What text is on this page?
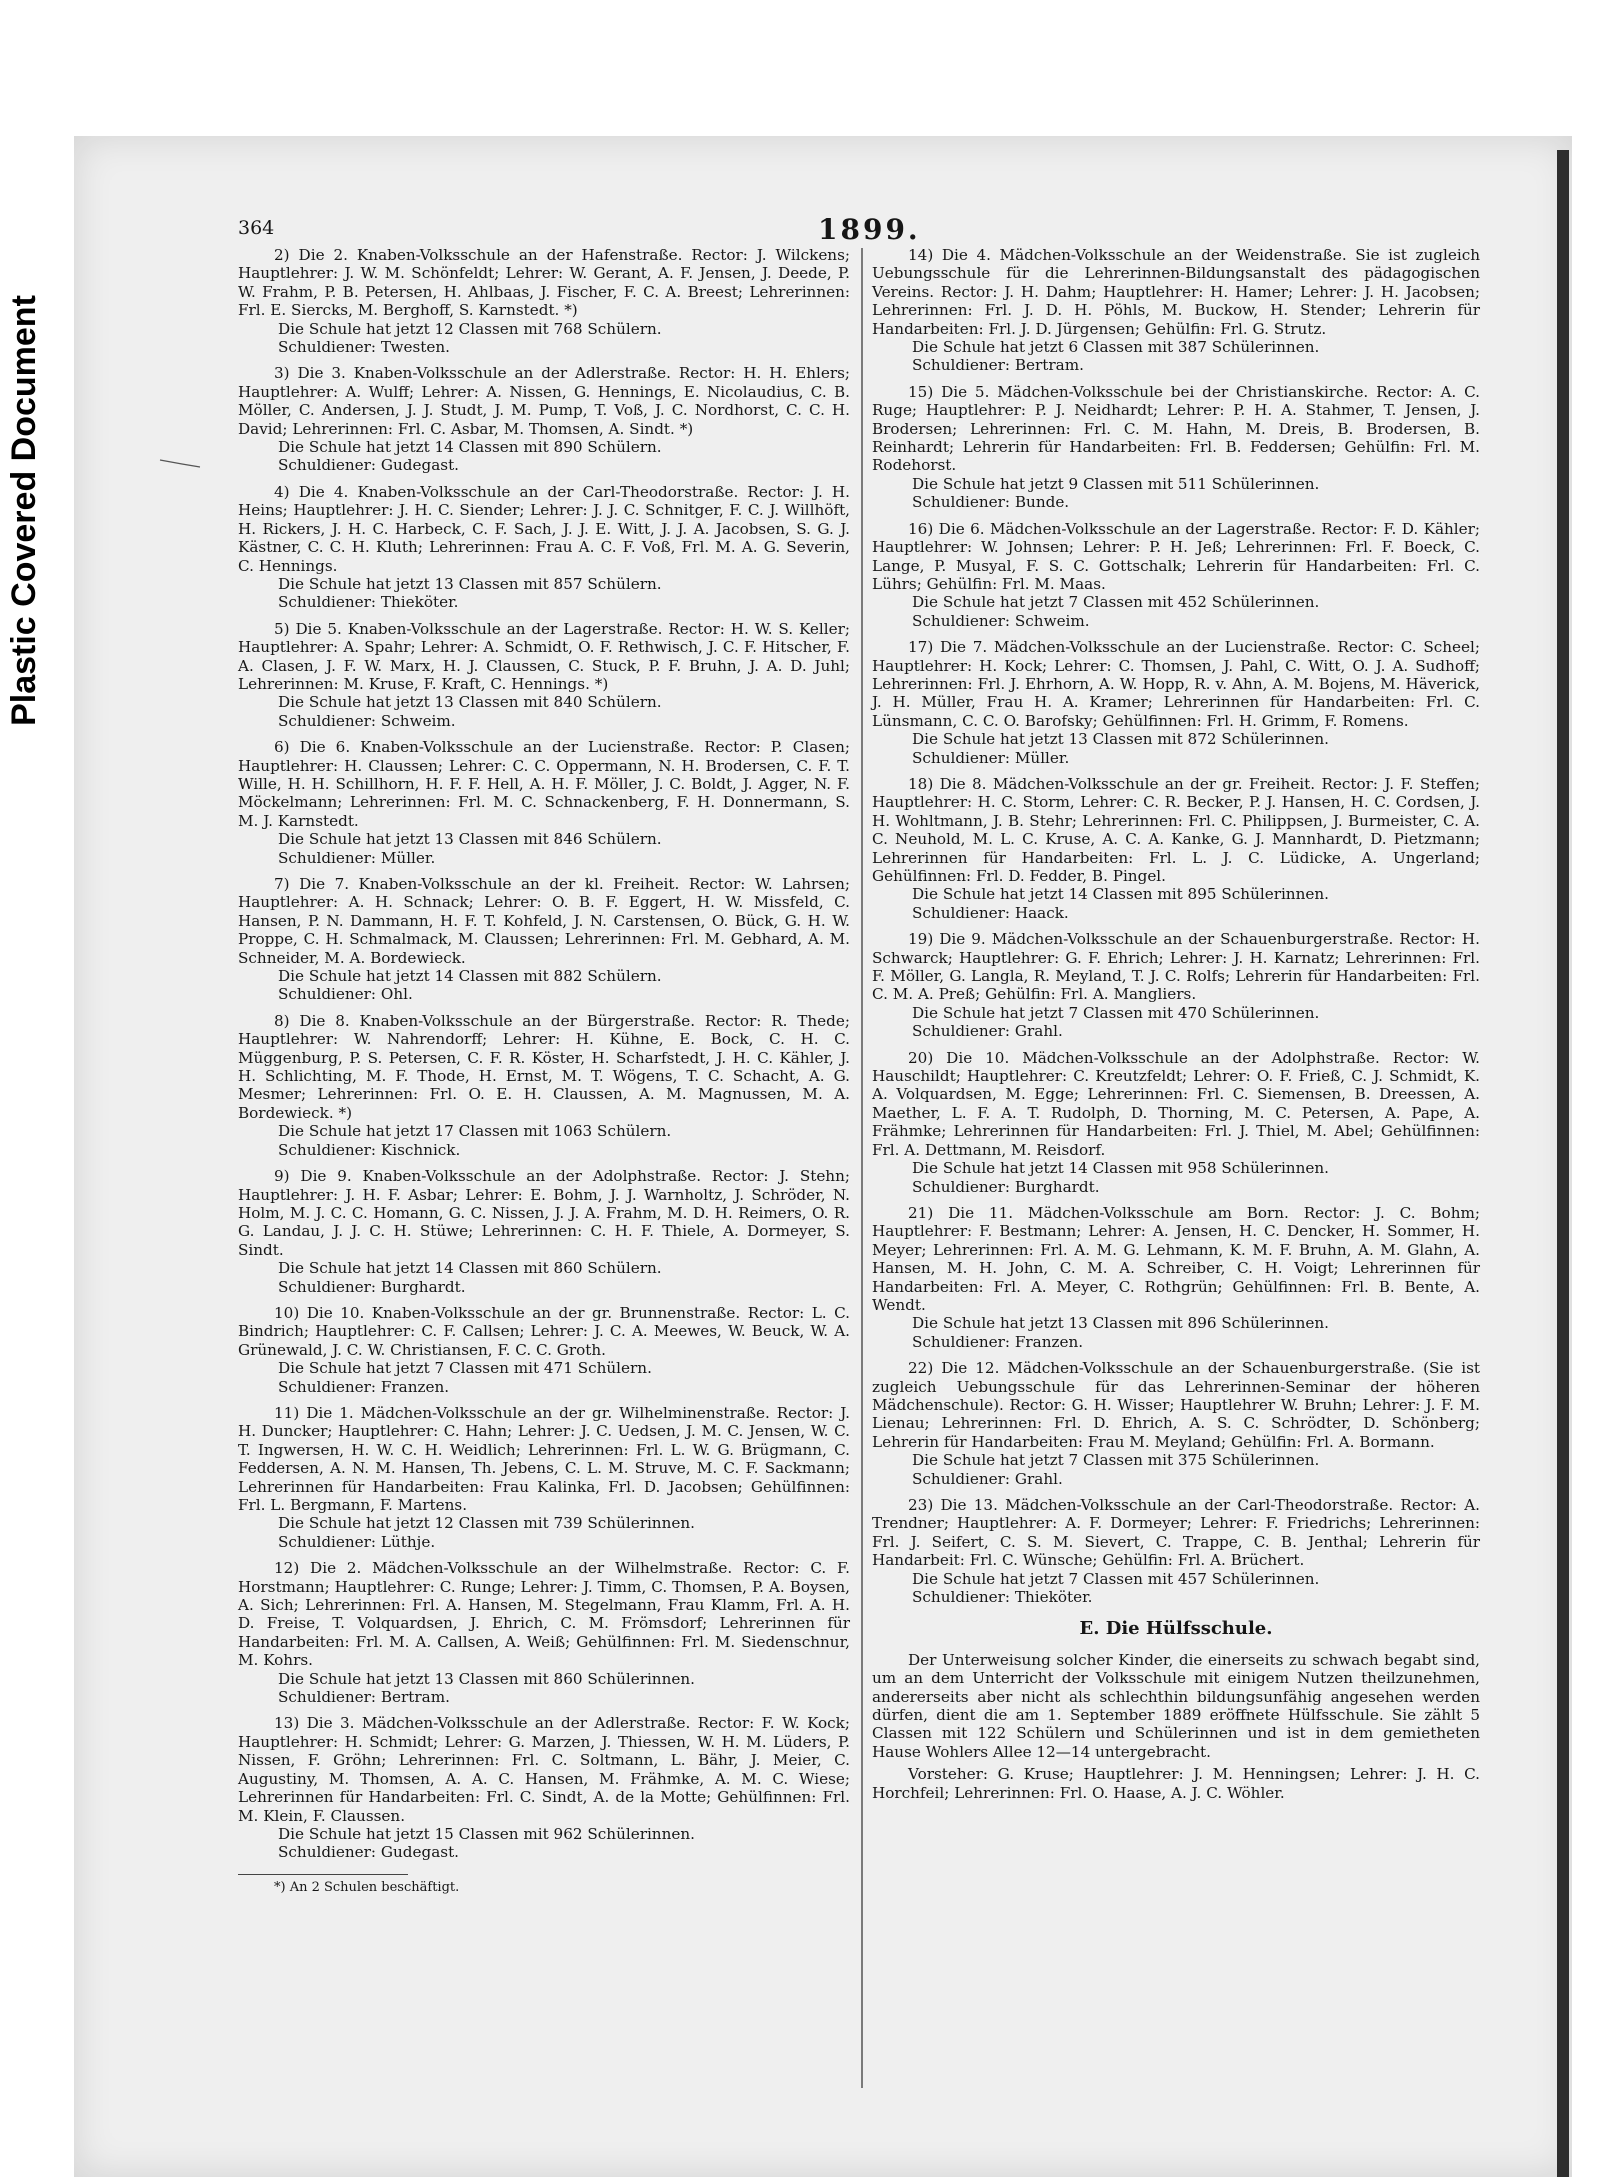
Plastic Covered Document
364	1899.

2) Die 2. Knaben-Volksschule an der Hafenstraße. Rector: J. Wilckens; Hauptlehrer: J. W. M. Schönfeldt; Lehrer: W. Gerant, A. F. Jensen, J. Deede, P. W. Frahm, P. B. Petersen, H. Ahlbaas, J. Fischer, F. C. A. Breest; Lehrerinnen: Frl. E. Siercks, M. Berghoff, S. Karnstedt. *)

Die Schule hat jetzt 12 Classen mit 768 Schülern.

Schuldiener: Twesten.

3) Die 3. Knaben-Volksschule an der Adlerstraße. Rector: H. H. Ehlers; Hauptlehrer: A. Wulff; Lehrer: A. Nissen, G. Hennings, E. Nicolaudius, C. B. Möller, C. Andersen, J. J. Studt, J. M. Pump, T. Voß, J. C. Nordhorst, C. C. H. David; Lehrerinnen: Frl. C. Asbar, M. Thomsen, A. Sindt. *)

Die Schule hat jetzt 14 Classen mit 890 Schülern.

Schuldiener: Gudegast.

4) Die 4. Knaben-Volksschule an der Carl-Theodorstraße. Rector: J. H. Heins; Hauptlehrer: J. H. C. Siender; Lehrer: J. J. C. Schnitger, F. C. J. Willhöft, H. Rickers, J. H. C. Harbeck, C. F. Sach, J. J. E. Witt, J. J. A. Jacobsen, S. G. J. Kästner, C. C. H. Kluth; Lehrerinnen: Frau A. C. F. Voß, Frl. M. A. G. Severin, C. Hennings.

Die Schule hat jetzt 13 Classen mit 857 Schülern.

Schuldiener: Thieköter.

5) Die 5. Knaben-Volksschule an der Lagerstraße. Rector: H. W. S. Keller; Hauptlehrer: A. Spahr; Lehrer: A. Schmidt, O. F. Rethwisch, J. C. F. Hitscher, F. A. Clasen, J. F. W. Marx, H. J. Claussen, C. Stuck, P. F. Bruhn, J. A. D. Juhl; Lehrerinnen: M. Kruse, F. Kraft, C. Hennings. *)

Die Schule hat jetzt 13 Classen mit 840 Schülern.

Schuldiener: Schweim.

6) Die 6. Knaben-Volksschule an der Lucienstraße. Rector: P. Clasen; Hauptlehrer: H. Claussen; Lehrer: C. C. Oppermann, N. H. Brodersen, C. F. T. Wille, H. H. Schillhorn, H. F. F. Hell, A. H. F. Möller, J. C. Boldt, J. Agger, N. F. Möckelmann; Lehrerinnen: Frl. M. C. Schnackenberg, F. H. Donnermann, S. M. J. Karnstedt.

Die Schule hat jetzt 13 Classen mit 846 Schülern.

Schuldiener: Müller.

7) Die 7. Knaben-Volksschule an der kl. Freiheit. Rector: W. Lahrsen; Hauptlehrer: A. H. Schnack; Lehrer: O. B. F. Eggert, H. W. Missfeld, C. Hansen, P. N. Dammann, H. F. T. Kohfeld, J. N. Carstensen, O. Bück, G. H. W. Proppe, C. H. Schmalmack, M. Claussen; Lehrerinnen: Frl. M. Gebhard, A. M. Schneider, M. A. Bordewieck.

Die Schule hat jetzt 14 Classen mit 882 Schülern.

Schuldiener: Ohl.

8) Die 8. Knaben-Volksschule an der Bürgerstraße. Rector: R. Thede; Hauptlehrer: W. Nahrendorff; Lehrer: H. Kühne, E. Bock, C. H. C. Müggenburg, P. S. Petersen, C. F. R. Köster, H. Scharfstedt, J. H. C. Kähler, J. H. Schlichting, M. F. Thode, H. Ernst, M. T. Wögens, T. C. Schacht, A. G. Mesmer; Lehrerinnen: Frl. O. E. H. Claussen, A. M. Magnussen, M. A. Bordewieck. *)

Die Schule hat jetzt 17 Classen mit 1063 Schülern.

Schuldiener: Kischnick.

9) Die 9. Knaben-Volksschule an der Adolphstraße. Rector: J. Stehn; Hauptlehrer: J. H. F. Asbar; Lehrer: E. Bohm, J. J. Warnholtz, J. Schröder, N. Holm, M. J. C. C. Homann, G. C. Nissen, J. J. A. Frahm, M. D. H. Reimers, O. R. G. Landau, J. J. C. H. Stüwe; Lehrerinnen: C. H. F. Thiele, A. Dormeyer, S. Sindt.

Die Schule hat jetzt 14 Classen mit 860 Schülern.

Schuldiener: Burghardt.

10) Die 10. Knaben-Volksschule an der gr. Brunnenstraße. Rector: L. C. Bindrich; Hauptlehrer: C. F. Callsen; Lehrer: J. C. A. Meewes, W. Beuck, W. A. Grünewald, J. C. W. Christiansen, F. C. C. Groth.

Die Schule hat jetzt 7 Classen mit 471 Schülern.

Schuldiener: Franzen.

11) Die 1. Mädchen-Volksschule an der gr. Wilhelminenstraße. Rector: J. H. Duncker; Hauptlehrer: C. Hahn; Lehrer: J. C. Uedsen, J. M. C. Jensen, W. C. T. Ingwersen, H. W. C. H. Weidlich; Lehrerinnen: Frl. L. W. G. Brügmann, C. Feddersen, A. N. M. Hansen, Th. Jebens, C. L. M. Struve, M. C. F. Sackmann; Lehrerinnen für Handarbeiten: Frau Kalinka, Frl. D. Jacobsen; Gehülfinnen: Frl. L. Bergmann, F. Martens.

Die Schule hat jetzt 12 Classen mit 739 Schülerinnen.

Schuldiener: Lüthje.

12) Die 2. Mädchen-Volksschule an der Wilhelmstraße. Rector: C. F. Horstmann; Hauptlehrer: C. Runge; Lehrer: J. Timm, C. Thomsen, P. A. Boysen, A. Sich; Lehrerinnen: Frl. A. Hansen, M. Stegelmann, Frau Klamm, Frl. A. H. D. Freise, T. Volquardsen, J. Ehrich, C. M. Frömsdorf; Lehrerinnen für Handarbeiten: Frl. M. A. Callsen, A. Weiß; Gehülfinnen: Frl. M. Siedenschnur, M. Kohrs.

Die Schule hat jetzt 13 Classen mit 860 Schülerinnen.

Schuldiener: Bertram.

13) Die 3. Mädchen-Volksschule an der Adlerstraße. Rector: F. W. Kock; Hauptlehrer: H. Schmidt; Lehrer: G. Marzen, J. Thiessen, W. H. M. Lüders, P. Nissen, F. Gröhn; Lehrerinnen: Frl. C. Soltmann, L. Bähr, J. Meier, C. Augustiny, M. Thomsen, A. A. C. Hansen, M. Frähmke, A. M. C. Wiese; Lehrerinnen für Handarbeiten: Frl. C. Sindt, A. de la Motte; Gehülfinnen: Frl. M. Klein, F. Claussen.

Die Schule hat jetzt 15 Classen mit 962 Schülerinnen.

Schuldiener: Gudegast.

*) An 2 Schulen beschäftigt.

14) Die 4. Mädchen-Volksschule an der Weidenstraße. Sie ist zugleich Uebungsschule für die Lehrerinnen-Bildungsanstalt des pädagogischen Vereins. Rector: J. H. Dahm; Hauptlehrer: H. Hamer; Lehrer: J. H. Jacobsen; Lehrerinnen: Frl. J. D. H. Pöhls, M. Buckow, H. Stender; Lehrerin für Handarbeiten: Frl. J. D. Jürgensen; Gehülfin: Frl. G. Strutz.

Die Schule hat jetzt 6 Classen mit 387 Schülerinnen.

Schuldiener: Bertram.

15) Die 5. Mädchen-Volksschule bei der Christianskirche. Rector: A. C. Ruge; Hauptlehrer: P. J. Neidhardt; Lehrer: P. H. A. Stahmer, T. Jensen, J. Brodersen; Lehrerinnen: Frl. C. M. Hahn, M. Dreis, B. Brodersen, B. Reinhardt; Lehrerin für Handarbeiten: Frl. B. Feddersen; Gehülfin: Frl. M. Rodehorst.

Die Schule hat jetzt 9 Classen mit 511 Schülerinnen.

Schuldiener: Bunde.

16) Die 6. Mädchen-Volksschule an der Lagerstraße. Rector: F. D. Kähler; Hauptlehrer: W. Johnsen; Lehrer: P. H. Jeß; Lehrerinnen: Frl. F. Boeck, C. Lange, P. Musyal, F. S. C. Gottschalk; Lehrerin für Handarbeiten: Frl. C. Lührs; Gehülfin: Frl. M. Maas.

Die Schule hat jetzt 7 Classen mit 452 Schülerinnen.

Schuldiener: Schweim.

17) Die 7. Mädchen-Volksschule an der Lucienstraße. Rector: C. Scheel; Hauptlehrer: H. Kock; Lehrer: C. Thomsen, J. Pahl, C. Witt, O. J. A. Sudhoff; Lehrerinnen: Frl. J. Ehrhorn, A. W. Hopp, R. v. Ahn, A. M. Bojens, M. Häverick, J. H. Müller, Frau H. A. Kramer; Lehrerinnen für Handarbeiten: Frl. C. Lünsmann, C. C. O. Barofsky; Gehülfinnen: Frl. H. Grimm, F. Romens.

Die Schule hat jetzt 13 Classen mit 872 Schülerinnen.

Schuldiener: Müller.

18) Die 8. Mädchen-Volksschule an der gr. Freiheit. Rector: J. F. Steffen; Hauptlehrer: H. C. Storm, Lehrer: C. R. Becker, P. J. Hansen, H. C. Cordsen, J. H. Wohltmann, J. B. Stehr; Lehrerinnen: Frl. C. Philippsen, J. Burmeister, C. A. C. Neuhold, M. L. C. Kruse, A. C. A. Kanke, G. J. Mannhardt, D. Pietzmann; Lehrerinnen für Handarbeiten: Frl. L. J. C. Lüdicke, A. Ungerland; Gehülfinnen: Frl. D. Fedder, B. Pingel.

Die Schule hat jetzt 14 Classen mit 895 Schülerinnen.

Schuldiener: Haack.

19) Die 9. Mädchen-Volksschule an der Schauenburgerstraße. Rector: H. Schwarck; Hauptlehrer: G. F. Ehrich; Lehrer: J. H. Karnatz; Lehrerinnen: Frl. F. Möller, G. Langla, R. Meyland, T. J. C. Rolfs; Lehrerin für Handarbeiten: Frl. C. M. A. Preß; Gehülfin: Frl. A. Mangliers.

Die Schule hat jetzt 7 Classen mit 470 Schülerinnen.

Schuldiener: Grahl.

20) Die 10. Mädchen-Volksschule an der Adolphstraße. Rector: W. Hauschildt; Hauptlehrer: C. Kreutzfeldt; Lehrer: O. F. Frieß, C. J. Schmidt, K. A. Volquardsen, M. Egge; Lehrerinnen: Frl. C. Siemensen, B. Dreessen, A. Maether, L. F. A. T. Rudolph, D. Thorning, M. C. Petersen, A. Pape, A. Frähmke; Lehrerinnen für Handarbeiten: Frl. J. Thiel, M. Abel; Gehülfinnen: Frl. A. Dettmann, M. Reisdorf.

Die Schule hat jetzt 14 Classen mit 958 Schülerinnen.

Schuldiener: Burghardt.

21) Die 11. Mädchen-Volksschule am Born. Rector: J. C. Bohm; Hauptlehrer: F. Bestmann; Lehrer: A. Jensen, H. C. Dencker, H. Sommer, H. Meyer; Lehrerinnen: Frl. A. M. G. Lehmann, K. M. F. Bruhn, A. M. Glahn, A. Hansen, M. H. John, C. M. A. Schreiber, C. H. Voigt; Lehrerinnen für Handarbeiten: Frl. A. Meyer, C. Rothgrün; Gehülfinnen: Frl. B. Bente, A. Wendt.

Die Schule hat jetzt 13 Classen mit 896 Schülerinnen.

Schuldiener: Franzen.

22) Die 12. Mädchen-Volksschule an der Schauenburgerstraße. (Sie ist zugleich Uebungsschule für das Lehrerinnen-Seminar der höheren Mädchenschule). Rector: G. H. Wisser; Hauptlehrer W. Bruhn; Lehrer: J. F. M. Lienau; Lehrerinnen: Frl. D. Ehrich, A. S. C. Schrödter, D. Schönberg; Lehrerin für Handarbeiten: Frau M. Meyland; Gehülfin: Frl. A. Bormann.

Die Schule hat jetzt 7 Classen mit 375 Schülerinnen.

Schuldiener: Grahl.

23) Die 13. Mädchen-Volksschule an der Carl-Theodorstraße. Rector: A. Trendner; Hauptlehrer: A. F. Dormeyer; Lehrer: F. Friedrichs; Lehrerinnen: Frl. J. Seifert, C. S. M. Sievert, C. Trappe, C. B. Jenthal; Lehrerin für Handarbeit: Frl. C. Wünsche; Gehülfin: Frl. A. Brüchert.

Die Schule hat jetzt 7 Classen mit 457 Schülerinnen.

Schuldiener: Thieköter.

E. Die Hülfsschule.

Der Unterweisung solcher Kinder, die einerseits zu schwach begabt sind, um an dem Unterricht der Volksschule mit einigem Nutzen theilzunehmen, andererseits aber nicht als schlechthin bildungsunfähig angesehen werden dürfen, dient die am 1. September 1889 eröffnete Hülfsschule. Sie zählt 5 Classen mit 122 Schülern und Schülerinnen und ist in dem gemietheten Hause Wohlers Allee 12—14 untergebracht.

Vorsteher: G. Kruse; Hauptlehrer: J. M. Henningsen; Lehrer: J. H. C. Horchfeil; Lehrerinnen: Frl. O. Haase, A. J. C. Wöhler.
